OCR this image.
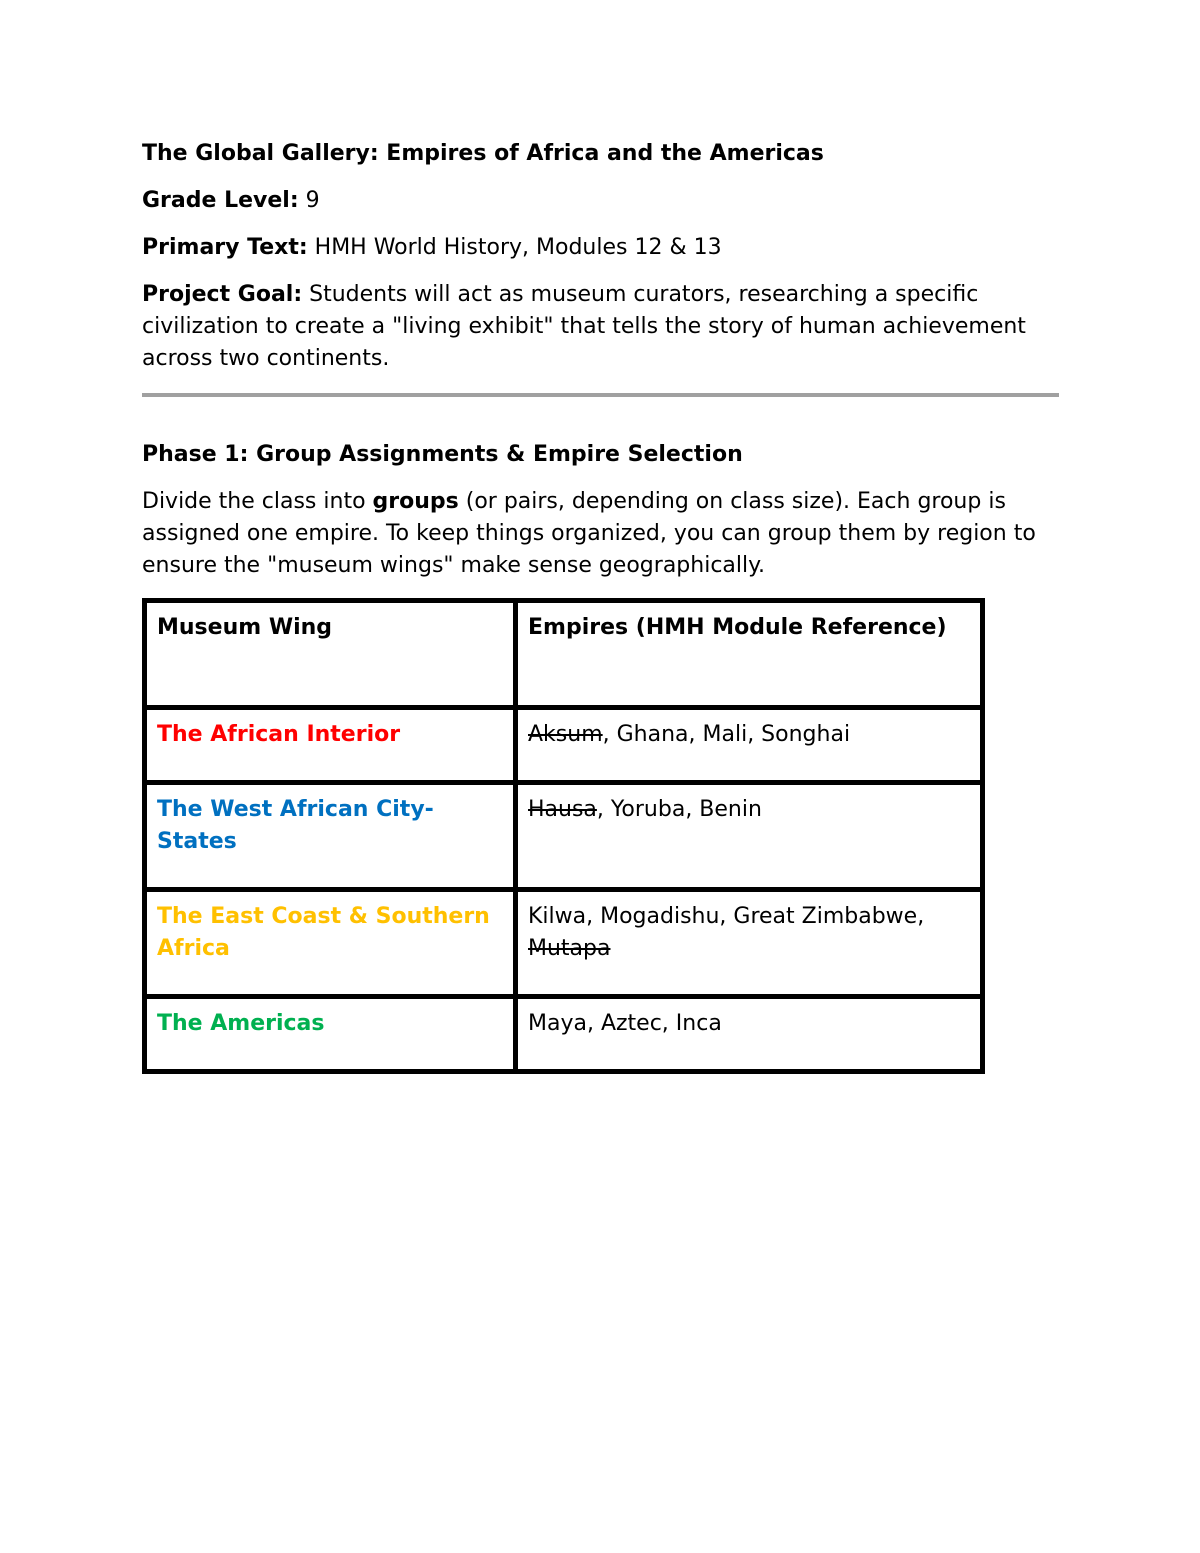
The Global Gallery: Empires of Africa and the Americas

Grade Level: 9

Primary Text: HMH World History, Modules 12 & 13

Project Goal: Students will act as museum curators, researching a specific civilization to create a "living exhibit" that tells the story of human achievement across two continents.

Phase 1: Group Assignments & Empire Selection

Divide the class into groups (or pairs, depending on class size). Each group is assigned one empire. To keep things organized, you can group them by region to ensure the "museum wings" make sense geographically.

Museum Wing	Empires (HMH Module Reference)
The African Interior	Aksum, Ghana, Mali, Songhai
The West African City-States	Hausa, Yoruba, Benin
The East Coast & Southern Africa	Kilwa, Mogadishu, Great Zimbabwe, Mutapa
The Americas	Maya, Aztec, Inca
